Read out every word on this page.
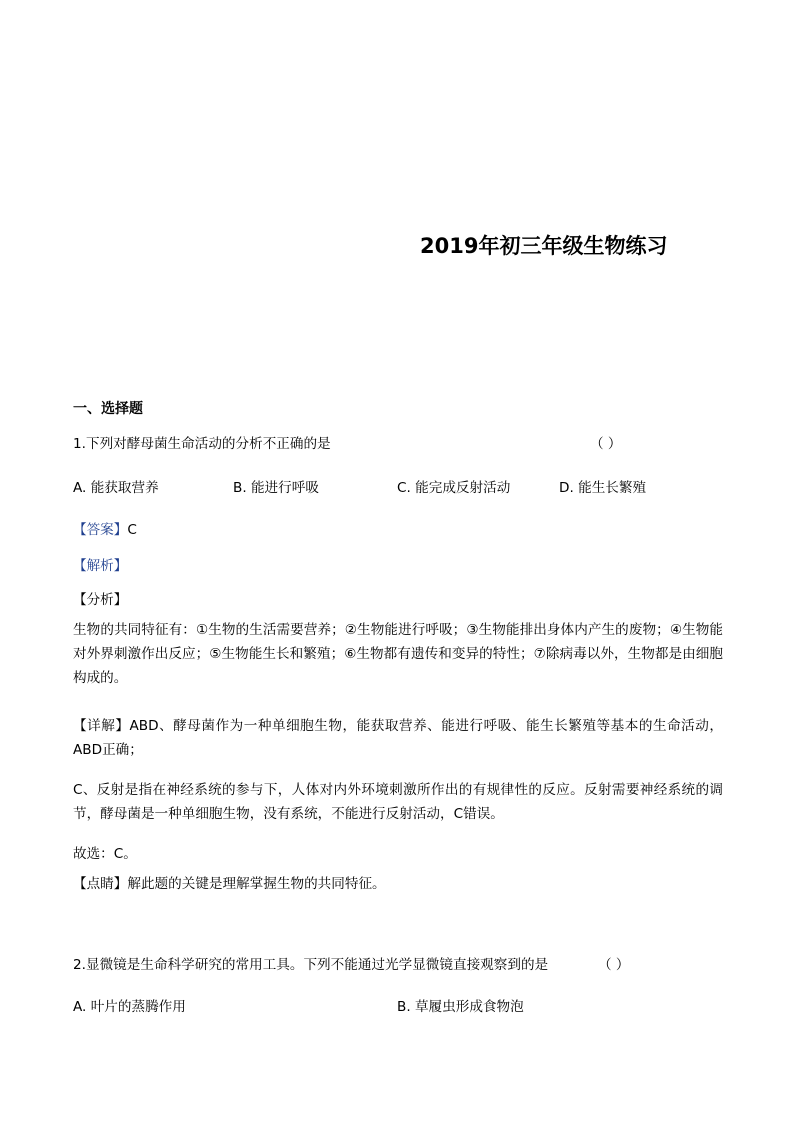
2019年初三年级生物练习
一、选择题
1.下列对酵母菌生命活动的分析不正确的是	（ ）
A. 能获取营养	B. 能进行呼吸	C. 能完成反射活动	D. 能生长繁殖
【答案】C
【解析】
【分析】
生物的共同特征有：①生物的生活需要营养；②生物能进行呼吸；③生物能排出身体内产生的废物；④生物能对外界刺激作出反应；⑤生物能生长和繁殖；⑥生物都有遗传和变异的特性；⑦除病毒以外，生物都是由细胞构成的。
【详解】ABD、酵母菌作为一种单细胞生物，能获取营养、能进行呼吸、能生长繁殖等基本的生命活动，ABD正确；
C、反射是指在神经系统的参与下，人体对内外环境刺激所作出的有规律性的反应。反射需要神经系统的调节，酵母菌是一种单细胞生物，没有系统，不能进行反射活动，C错误。
故选：C。
【点睛】解此题的关键是理解掌握生物的共同特征。
2.显微镜是生命科学研究的常用工具。下列不能通过光学显微镜直接观察到的是	（ ）
A. 叶片的蒸腾作用	B. 草履虫形成食物泡
